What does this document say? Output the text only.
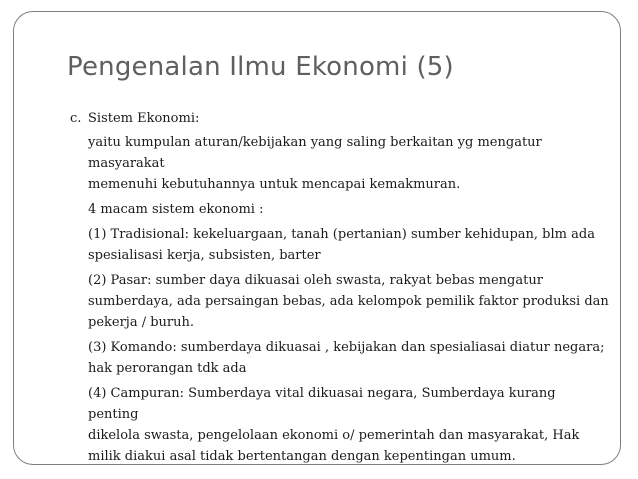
Pengenalan Ilmu Ekonomi (5)
c. Sistem Ekonomi:
yaitu kumpulan aturan/kebijakan yang saling berkaitan yg mengatur masyarakat
memenuhi kebutuhannya untuk mencapai kemakmuran.
4 macam sistem ekonomi :
(1) Tradisional: kekeluargaan, tanah (pertanian) sumber kehidupan, blm ada
spesialisasi kerja, subsisten, barter
(2) Pasar: sumber daya dikuasai oleh swasta, rakyat bebas mengatur
sumberdaya, ada persaingan bebas, ada kelompok pemilik faktor produksi dan
pekerja / buruh.
(3) Komando: sumberdaya dikuasai , kebijakan dan spesialiasai diatur negara;
hak perorangan tdk ada
(4) Campuran: Sumberdaya vital dikuasai negara, Sumberdaya kurang penting
dikelola swasta, pengelolaan ekonomi o/ pemerintah dan masyarakat, Hak
milik diakui asal tidak bertentangan dengan kepentingan umum.
